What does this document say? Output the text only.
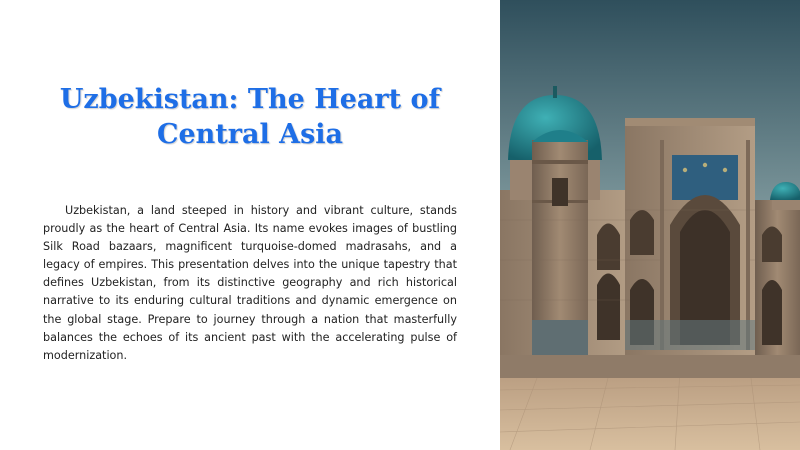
Uzbekistan: The Heart of Central Asia

Uzbekistan, a land steeped in history and vibrant culture, stands proudly as the heart of Central Asia. Its name evokes images of bustling Silk Road bazaars, magnificent turquoise-domed madrasahs, and a legacy of empires. This presentation delves into the unique tapestry that defines Uzbekistan, from its distinctive geography and rich historical narrative to its enduring cultural traditions and dynamic emergence on the global stage. Prepare to journey through a nation that masterfully balances the echoes of its ancient past with the accelerating pulse of modernization.
